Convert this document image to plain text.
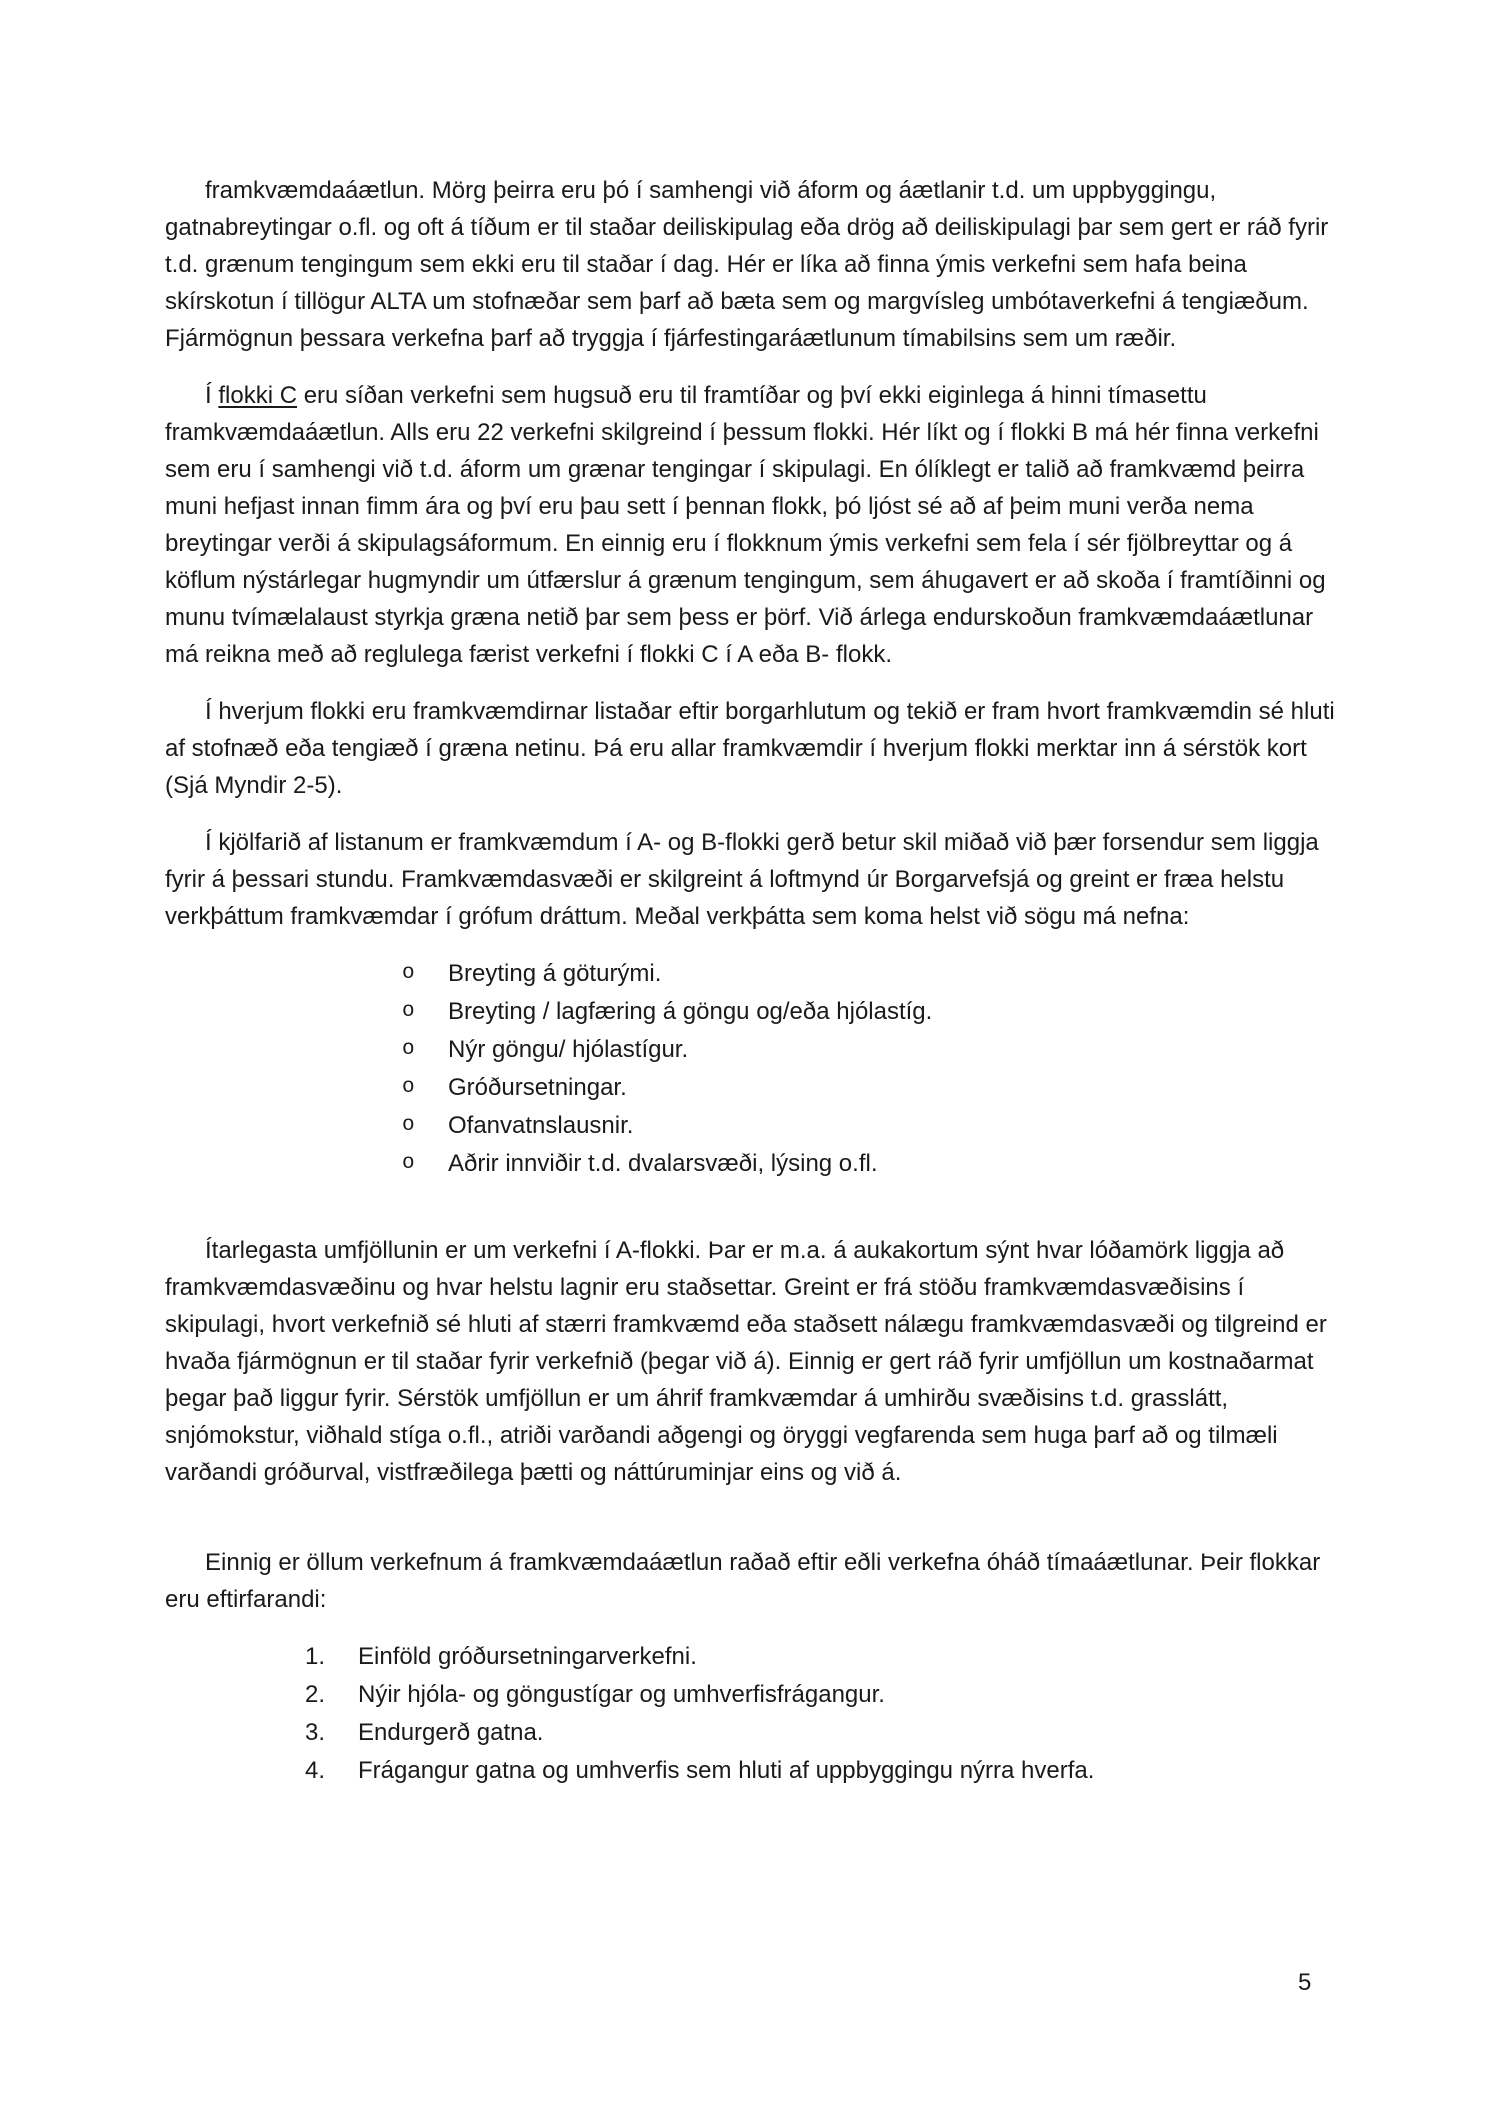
framkvæmdaáætlun. Mörg þeirra eru þó í samhengi við áform og áætlanir t.d. um uppbyggingu, gatnabreytingar o.fl. og oft á tíðum er til staðar deiliskipulag eða drög að deiliskipulagi þar sem gert er ráð fyrir t.d. grænum tengingum sem ekki eru til staðar í dag. Hér er líka að finna ýmis verkefni sem hafa beina skírskotun í tillögur ALTA um stofnæðar sem þarf að bæta sem og margvísleg umbótaverkefni á tengiæðum. Fjármögnun þessara verkefna þarf að tryggja í fjárfestingaráætlunum tímabilsins sem um ræðir.

Í flokki C eru síðan verkefni sem hugsuð eru til framtíðar og því ekki eiginlega á hinni tímasettu framkvæmdaáætlun. Alls eru 22 verkefni skilgreind í þessum flokki. Hér líkt og í flokki B má hér finna verkefni sem eru í samhengi við t.d. áform um grænar tengingar í skipulagi. En ólíklegt er talið að framkvæmd þeirra muni hefjast innan fimm ára og því eru þau sett í þennan flokk, þó ljóst sé að af þeim muni verða nema breytingar verði á skipulagsáformum. En einnig eru í flokknum ýmis verkefni sem fela í sér fjölbreyttar og á köflum nýstárlegar hugmyndir um útfærslur á grænum tengingum, sem áhugavert er að skoða í framtíðinni og munu tvímælalaust styrkja græna netið þar sem þess er þörf. Við árlega endurskoðun framkvæmdaáætlunar má reikna með að reglulega færist verkefni í flokki C í A eða B- flokk.

Í hverjum flokki eru framkvæmdirnar listaðar eftir borgarhlutum og tekið er fram hvort framkvæmdin sé hluti af stofnæð eða tengiæð í græna netinu. Þá eru allar framkvæmdir í hverjum flokki merktar inn á sérstök kort (Sjá Myndir 2-5).

Í kjölfarið af listanum er framkvæmdum í A- og B-flokki gerð betur skil miðað við þær forsendur sem liggja fyrir á þessari stundu. Framkvæmdasvæði er skilgreint á loftmynd úr Borgarvefsjá og greint er fræa helstu verkþáttum framkvæmdar í grófum dráttum. Meðal verkþátta sem koma helst við sögu má nefna:

o Breyting á göturými.
o Breyting / lagfæring á göngu og/eða hjólastíg.
o Nýr göngu/ hjólastígur.
o Gróðursetningar.
o Ofanvatnslausnir.
o Aðrir innviðir t.d. dvalarsvæði, lýsing o.fl.

Ítarlegasta umfjöllunin er um verkefni í A-flokki. Þar er m.a. á aukakortum sýnt hvar lóðamörk liggja að framkvæmdasvæðinu og hvar helstu lagnir eru staðsettar. Greint er frá stöðu framkvæmdasvæðisins í skipulagi, hvort verkefnið sé hluti af stærri framkvæmd eða staðsett nálægu framkvæmdasvæði og tilgreind er hvaða fjármögnun er til staðar fyrir verkefnið (þegar við á). Einnig er gert ráð fyrir umfjöllun um kostnaðarmat þegar það liggur fyrir. Sérstök umfjöllun er um áhrif framkvæmdar á umhirðu svæðisins t.d. grasslátt, snjómokstur, viðhald stíga o.fl., atriði varðandi aðgengi og öryggi vegfarenda sem huga þarf að og tilmæli varðandi gróðurval, vistfræðilega þætti og náttúruminjar eins og við á.

Einnig er öllum verkefnum á framkvæmdaáætlun raðað eftir eðli verkefna óháð tímaáætlunar. Þeir flokkar eru eftirfarandi:

Einföld gróðursetningarverkefni.
Nýir hjóla- og göngustígar og umhverfisfrágangur.
Endurgerð gatna.
Frágangur gatna og umhverfis sem hluti af uppbyggingu nýrra hverfa.
5
